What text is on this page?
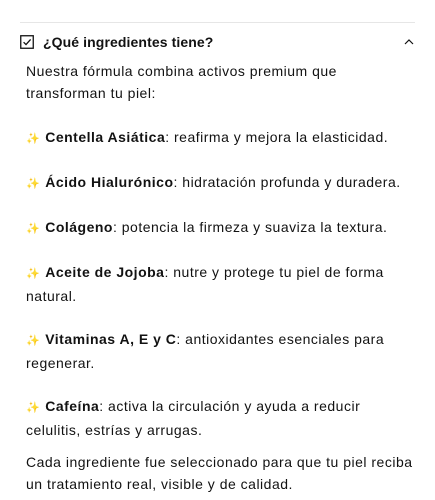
¿Qué ingredientes tiene?

Nuestra fórmula combina activos premium que transforman tu piel:

✨ Centella Asiática: reafirma y mejora la elasticidad.

✨ Ácido Hialurónico: hidratación profunda y duradera.

✨ Colágeno: potencia la firmeza y suaviza la textura.

✨ Aceite de Jojoba: nutre y protege tu piel de forma natural.

✨ Vitaminas A, E y C: antioxidantes esenciales para regenerar.

✨ Cafeína: activa la circulación y ayuda a reducir celulitis, estrías y arrugas.

Cada ingrediente fue seleccionado para que tu piel reciba un tratamiento real, visible y de calidad.
